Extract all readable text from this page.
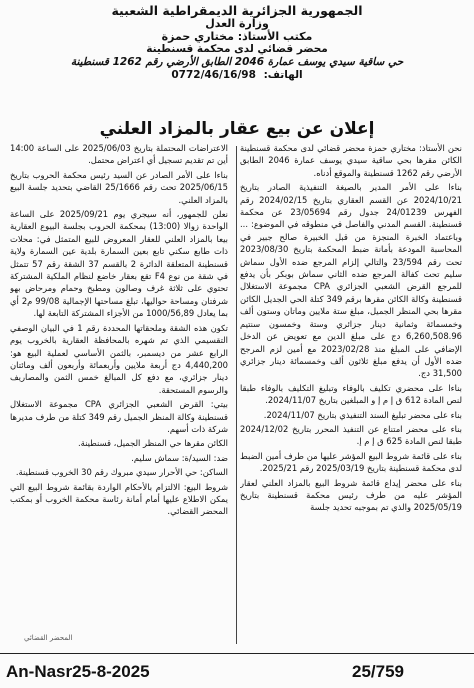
الجمهورية الجزائرية الديمقراطية الشعبية

وزارة العدل

مكتب الأستاذ: مختاري حمزة

محضر قضائي لدى محكمة قسنطينة

حي ساقية سيدي يوسف عمارة 2046 الطابق الأرضي رقم 1262 قسنطينة

الهاتف: 0772/46/16/98
إعلان عن بيع عقار بالمزاد العلني

نحن الأستاذ: مختاري حمزة محضر قضائي لدى محكمة قسنطينة الكائن مقرها بحي ساقية سيدي يوسف عمارة 2046 الطابق الأرضي رقم 1262 قسنطينة والموقع أدناه.

بناءا على الأمر المدير بالصيغة التنفيذية الصادر بتاريخ 2024/10/21 عن القسم العقاري بتاريخ 2024/02/15 رقم الفهرس 24/01239 جدول رقم 23/05694 عن محكمة قسنطينة. القسم المدني والفاصل في منطوقه في الموضوع: ... وباعتماد الخبرة المنجزة من قبل الخبيرة صالح جبير في المحاسبة المودعة بأمانة ضبط المحكمة بتاريخ 2023/08/30 تحت رقم 23/594 والتالي إلزام المرجع ضده الأول سماش سليم تحت كفالة المرجع ضده الثاني سماش بوبكر بأن يدفع للمرجع القرض الشعبي الجزائري CPA مجموعة الاستغلال قسنطينة وكالة الكائن مقرها برقم 349 كتلة الحي الجديل الكائن مقرها بحي المنظر الجميل، مبلغ ستة ملايين وماتان وستون ألف وخمسمائة وثمانية دينار جزائري وستة وخمسون سنتيم 6,260,508.96 دج على مبلغ الدين مع تعويض عن الدخل الإضافي على المبلغ منذ 2023/02/28 مع أمين لزم المرجح ضده الأول أن يدفع مبلغ ثلاثون ألف وخمسمائة دينار جزائري 31,500 دج.

بناءا على محضري تكليف بالوفاء وتبليغ التكليف بالوفاء طبقا لنص المادة 612 ق إ م إ و المبلغين بتاريخ 2024/11/07.

بناء على محضر تبليغ السند التنفيذي بتاريخ 2024/11/07.

بناء على محضر امتناع عن التنفيذ المحرر بتاريخ 2024/12/02 طبقا لنص المادة 625 ق إ م إ.

بناء على قائمة شروط البيع المؤشر عليها من طرف أمين الضبط لدى محكمة قسنطينة بتاريخ 2025/03/19 رقم 2025/21.

بناء على محضر إيداع قائمة شروط البيع بالمزاد العلني لعقار المؤشر عليه من طرف رئيس محكمة قسنطينة بتاريخ 2025/05/19 والذي تم بموجبه تحديد جلسة

الاعتراضات المحتملة بتاريخ 2025/06/03 على الساعة 14:00 أين تم تقديم تسجيل أي اعتراض محتمل.

بناءا على الأمر الصادر عن السيد رئيس محكمة الحروب بتاريخ 2025/06/15 تحت رقم 25/1666 القاضي بتحديد جلسة البيع بالمزاد العلني.

نعلن للجمهور، أنه سيجري يوم 2025/09/21 على الساعة الواحدة زوالا (13:00) بمحكمة الحروب بجلسة البيوع العقارية بيعا بالمزاد العلني للعقار المعروض للبيع المتمثل في: محلات ذات طابع سكني تابع بعين السمارة بلدية عين السمارة ولاية قسنطينة المتعلقة الدائرة 2 بالقسم 37 الشقة رقم 57 تتمثل في شقة من نوع F4 تقع بعقار خاضع لنظام الملكية المشتركة تحتوي على ثلاثة غرف وصالون ومطبخ وحمام ومرحاض بهو شرفتان ومساحة حواليها، تبلغ مساحتها الإجمالية 99/08 م2 أي بما يعادل 1000/56,89 من الأجزاء المشتركة التابعة لها.

تكون هذه الشقة وملحقاتها المحددة رقم 1 في البيان الوصفي التقسيمي الذي تم شهره بالمحافظة العقارية بالخروب يوم الرابع عشر من ديسمبر، بالثمن الأساسي لعملية البيع هو: 4,440,200 دج أربعة ملايين وأربعمائة وأربعون ألف ومائتان دينار جزائري، مع دفع كل المبالغ خمس الثمن والمصاريف والرسوم المستحقة.

بيتي: القرض الشعبي الجزائري CPA مجموعة الاستغلال قسنطينة وكالة المنظر الجميل رقم 349 كتلة من طرف مديرها شركة ذات أسهم.

الكائن مقرها حي المنظر الجميل، قسنطينة.

ضد: السيد/ة: سماش سليم.

الساكن: حي الأحرار سيدي مبروك رقم 30 الخروب قسنطينة.

شروط البيع: الالتزام بالأحكام الواردة بقائمة شروط البيع التي يمكن الاطلاع عليها أمام أمانة رئاسة محكمة الخروب أو بمكتب المحضر القضائي.

المحضر القضائي
An-Nasr25-8-2025	25/759
